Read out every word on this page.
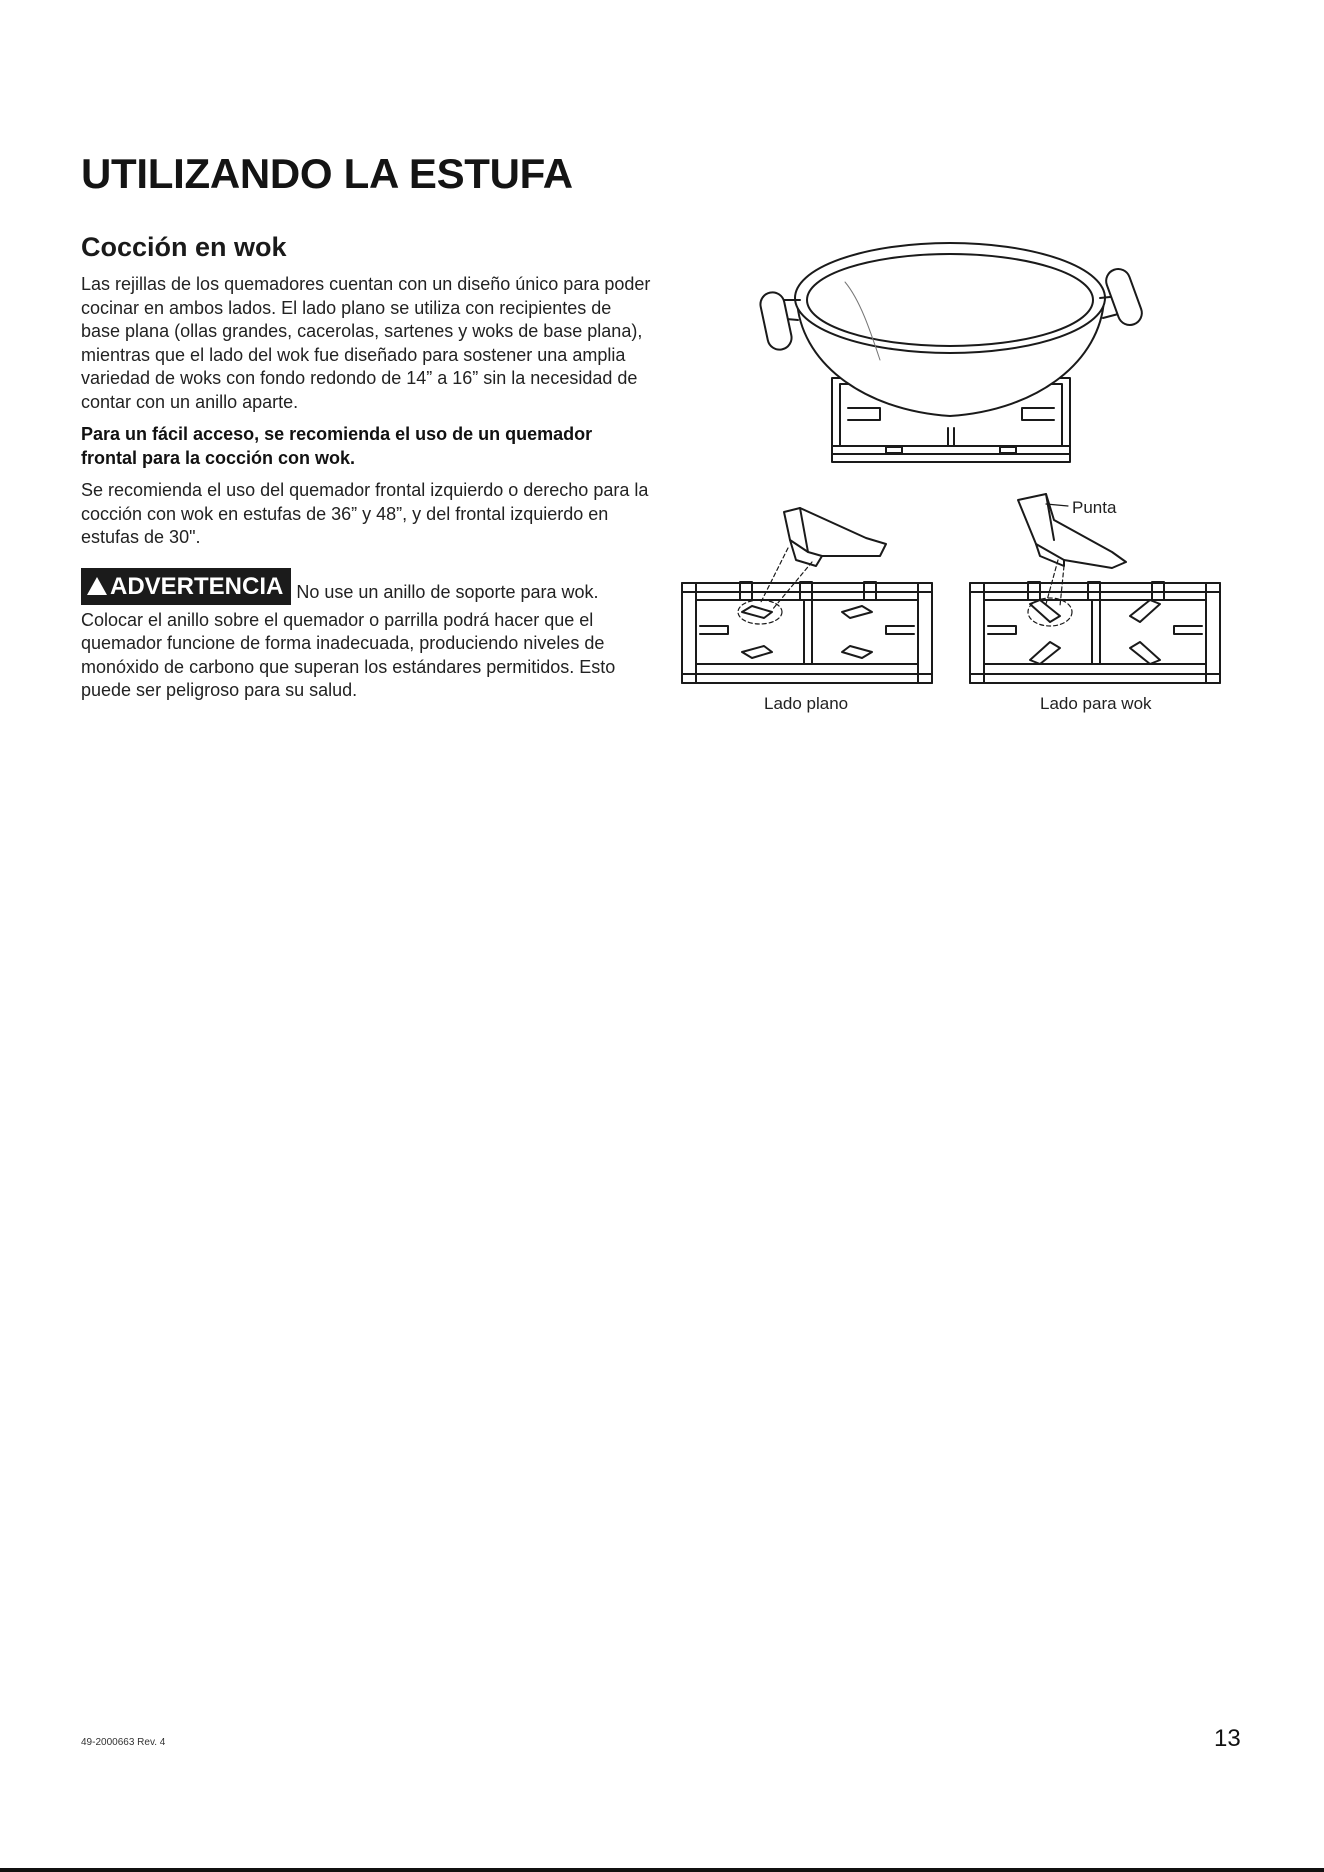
UTILIZANDO LA ESTUFA
Cocción en wok

Las rejillas de los quemadores cuentan con un diseño único para poder cocinar en ambos lados. El lado plano se utiliza con recipientes de base plana (ollas grandes, cacerolas, sartenes y woks de base plana), mientras que el lado del wok fue diseñado para sostener una amplia variedad de woks con fondo redondo de 14” a 16” sin la necesidad de contar con un anillo aparte.

Para un fácil acceso, se recomienda el uso de un quemador frontal para la cocción con wok.

Se recomienda el uso del quemador frontal izquierdo o derecho para la cocción con wok en estufas de 36” y 48”, y del frontal izquierdo en estufas de 30".

ADVERTENCIA No use un anillo de soporte para wok. Colocar el anillo sobre el quemador o parrilla podrá hacer que el quemador funcione de forma inadecuada, produciendo niveles de monóxido de carbono que superan los estándares permitidos. Esto puede ser peligroso para su salud.
Punta
Lado plano	Lado para wok
49-2000663 Rev. 4	13
